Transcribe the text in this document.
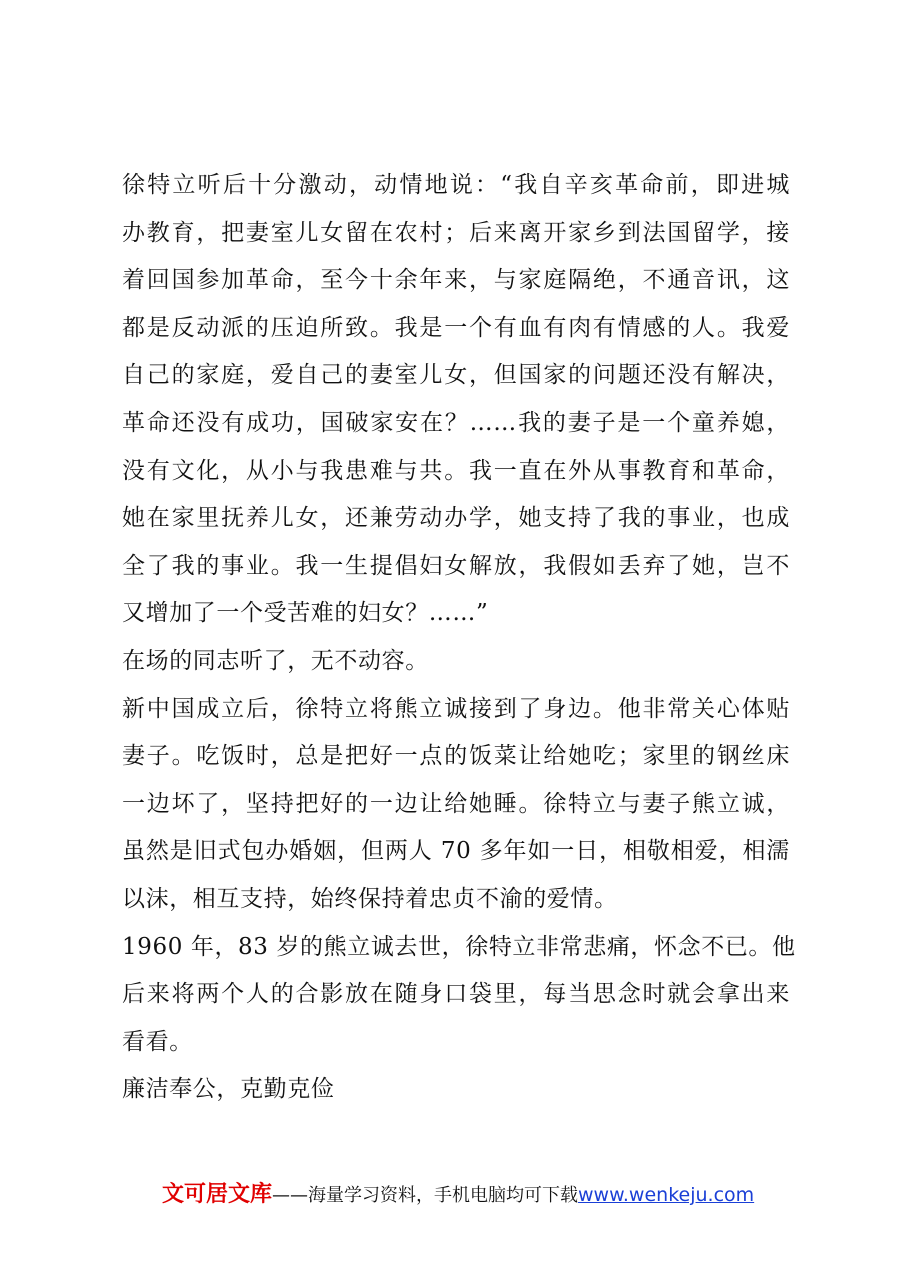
徐特立听后十分激动，动情地说：“我自辛亥革命前，即进城
办教育，把妻室儿女留在农村；后来离开家乡到法国留学，接
着回国参加革命，至今十余年来，与家庭隔绝，不通音讯，这
都是反动派的压迫所致。我是一个有血有肉有情感的人。我爱
自己的家庭，爱自己的妻室儿女，但国家的问题还没有解决，
革命还没有成功，国破家安在？……我的妻子是一个童养媳，
没有文化，从小与我患难与共。我一直在外从事教育和革命，
她在家里抚养儿女，还兼劳动办学，她支持了我的事业，也成
全了我的事业。我一生提倡妇女解放，我假如丢弃了她，岂不
又增加了一个受苦难的妇女？……”
在场的同志听了，无不动容。
新中国成立后，徐特立将熊立诚接到了身边。他非常关心体贴
妻子。吃饭时，总是把好一点的饭菜让给她吃；家里的钢丝床
一边坏了，坚持把好的一边让给她睡。徐特立与妻子熊立诚，
虽然是旧式包办婚姻，但两人 70 多年如一日，相敬相爱，相濡
以沫，相互支持，始终保持着忠贞不渝的爱情。
1960 年，83 岁的熊立诚去世，徐特立非常悲痛，怀念不已。他
后来将两个人的合影放在随身口袋里，每当思念时就会拿出来
看看。
廉洁奉公，克勤克俭
文可居文库——海量学习资料，手机电脑均可下载www.wenkeju.com
